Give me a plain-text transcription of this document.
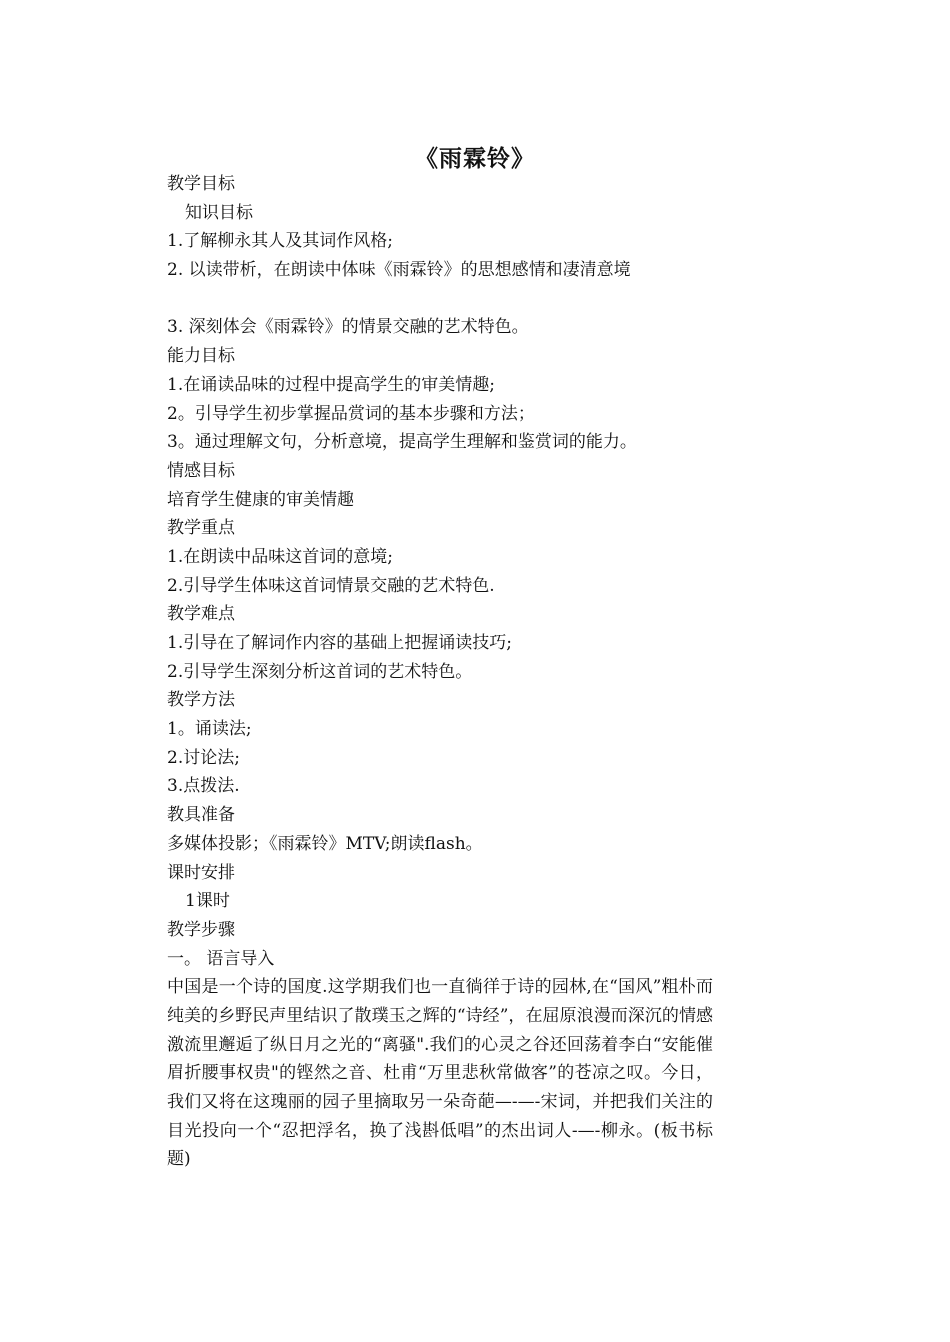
《雨霖铃》
教学目标
知识目标
1.了解柳永其人及其词作风格;
2. 以读带析，在朗读中体味《雨霖铃》的思想感情和凄清意境
3. 深刻体会《雨霖铃》的情景交融的艺术特色。
能力目标
1.在诵读品味的过程中提高学生的审美情趣;
2。引导学生初步掌握品赏词的基本步骤和方法；
3。通过理解文句，分析意境，提高学生理解和鉴赏词的能力。
情感目标
培育学生健康的审美情趣
教学重点
1.在朗读中品味这首词的意境;
2.引导学生体味这首词情景交融的艺术特色.
教学难点
1.引导在了解词作内容的基础上把握诵读技巧;
2.引导学生深刻分析这首词的艺术特色。
教学方法
1。诵读法;
2.讨论法;
3.点拨法.
教具准备
多媒体投影；《雨霖铃》MTV;朗读flash。
课时安排
1课时
教学步骤
一。 语言导入
中国是一个诗的国度.这学期我们也一直徜徉于诗的园林,在“国风”粗朴而纯美的乡野民声里结识了散璞玉之辉的“诗经”，在屈原浪漫而深沉的情感激流里邂逅了纵日月之光的“离骚".我们的心灵之谷还回荡着李白“安能催眉折腰事权贵"的铿然之音、杜甫“万里悲秋常做客”的苍凉之叹。今日，我们又将在这瑰丽的园子里摘取另一朵奇葩—-—-宋词，并把我们关注的目光投向一个“忍把浮名，换了浅斟低唱”的杰出词人-—-柳永。(板书标题)
